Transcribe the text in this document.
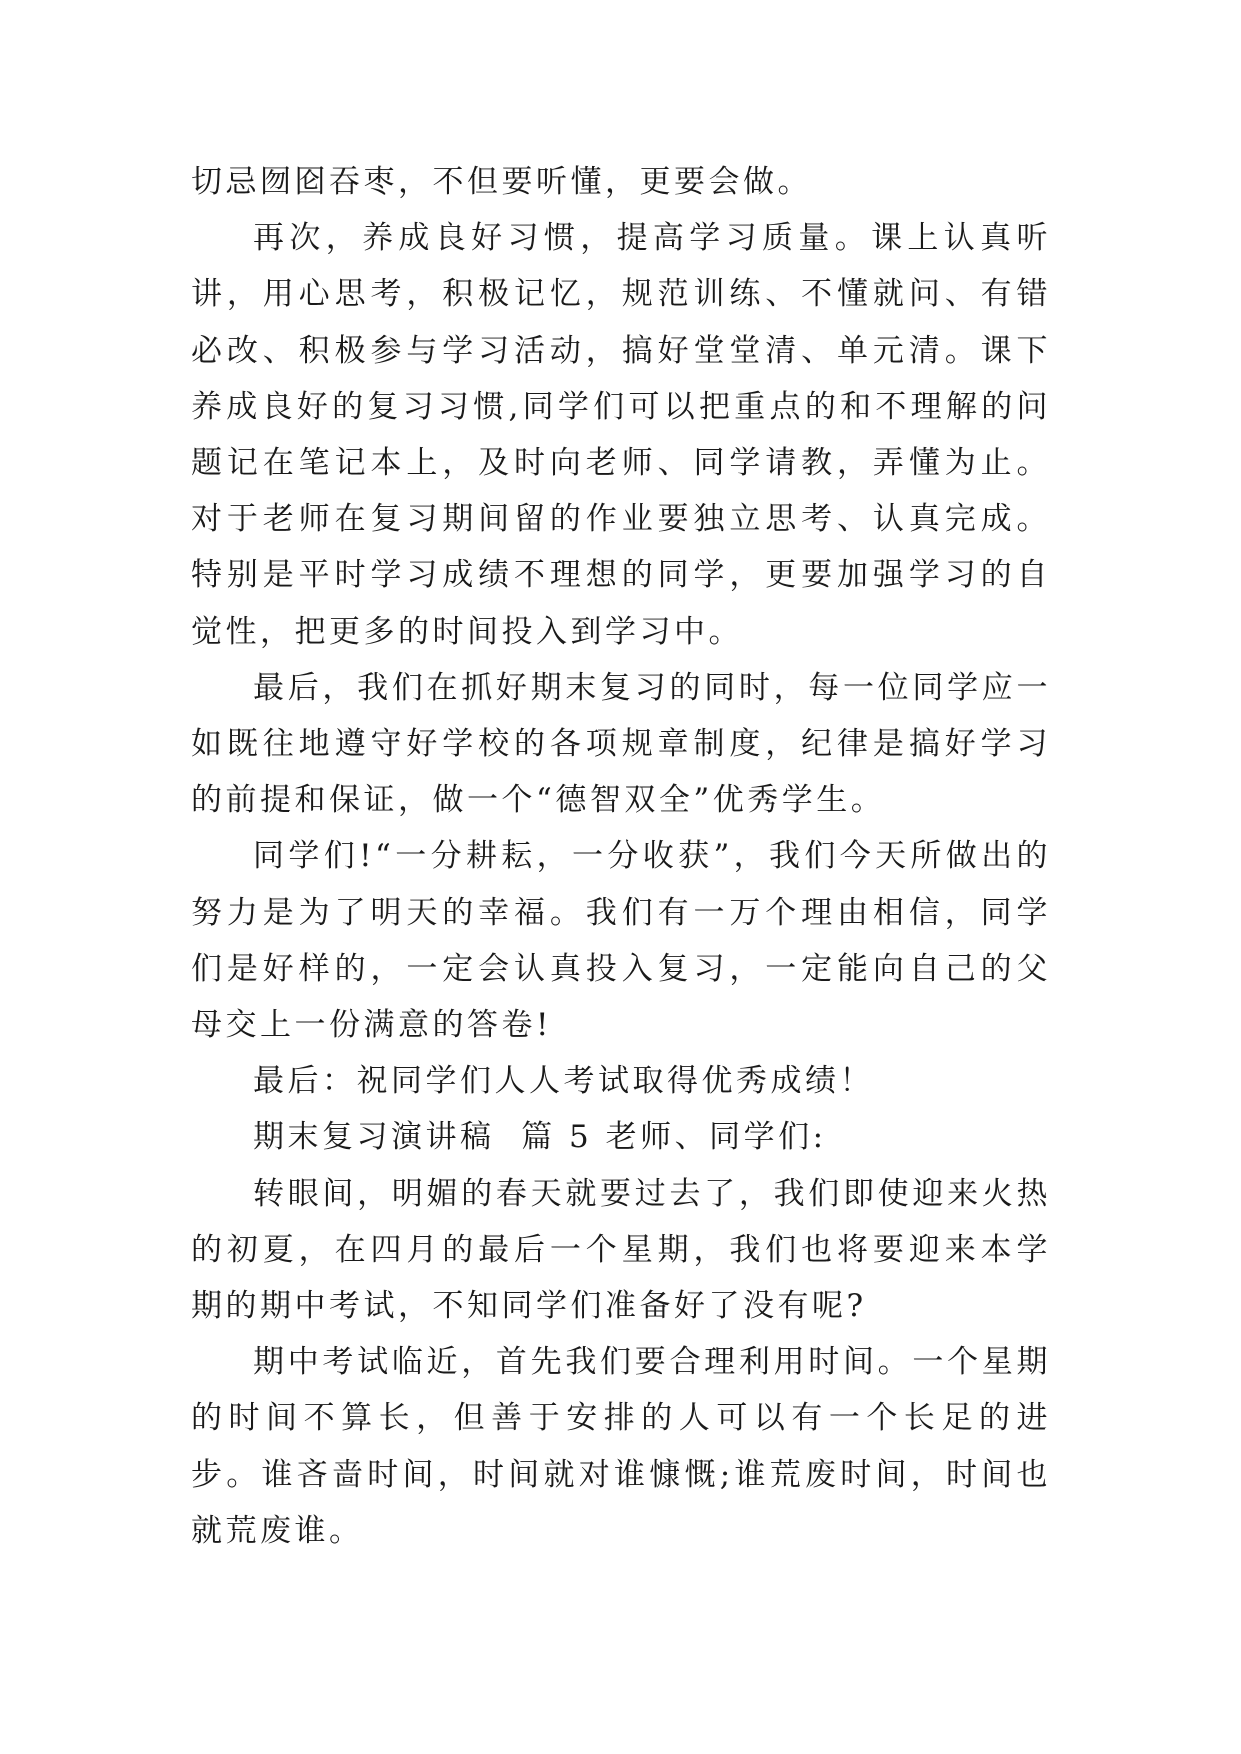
切忌囫囵吞枣，不但要听懂，更要会做。

再次，养成良好习惯，提高学习质量。课上认真听讲，用心思考，积极记忆，规范训练、不懂就问、有错必改、积极参与学习活动，搞好堂堂清、单元清。课下养成良好的复习习惯,同学们可以把重点的和不理解的问题记在笔记本上，及时向老师、同学请教，弄懂为止。对于老师在复习期间留的作业要独立思考、认真完成。特别是平时学习成绩不理想的同学，更要加强学习的自觉性，把更多的时间投入到学习中。

最后，我们在抓好期末复习的同时，每一位同学应一如既往地遵守好学校的各项规章制度，纪律是搞好学习的前提和保证，做一个“德智双全”优秀学生。

同学们!“一分耕耘，一分收获”，我们今天所做出的努力是为了明天的幸福。我们有一万个理由相信，同学们是好样的，一定会认真投入复习，一定能向自己的父母交上一份满意的答卷!

最后：祝同学们人人考试取得优秀成绩！

期末复习演讲稿  篇 5 老师、同学们:

转眼间，明媚的春天就要过去了，我们即使迎来火热的初夏，在四月的最后一个星期，我们也将要迎来本学期的期中考试，不知同学们准备好了没有呢?

期中考试临近，首先我们要合理利用时间。一个星期的时间不算长，但善于安排的人可以有一个长足的进步。谁吝啬时间，时间就对谁慷慨;谁荒废时间，时间也就荒废谁。
